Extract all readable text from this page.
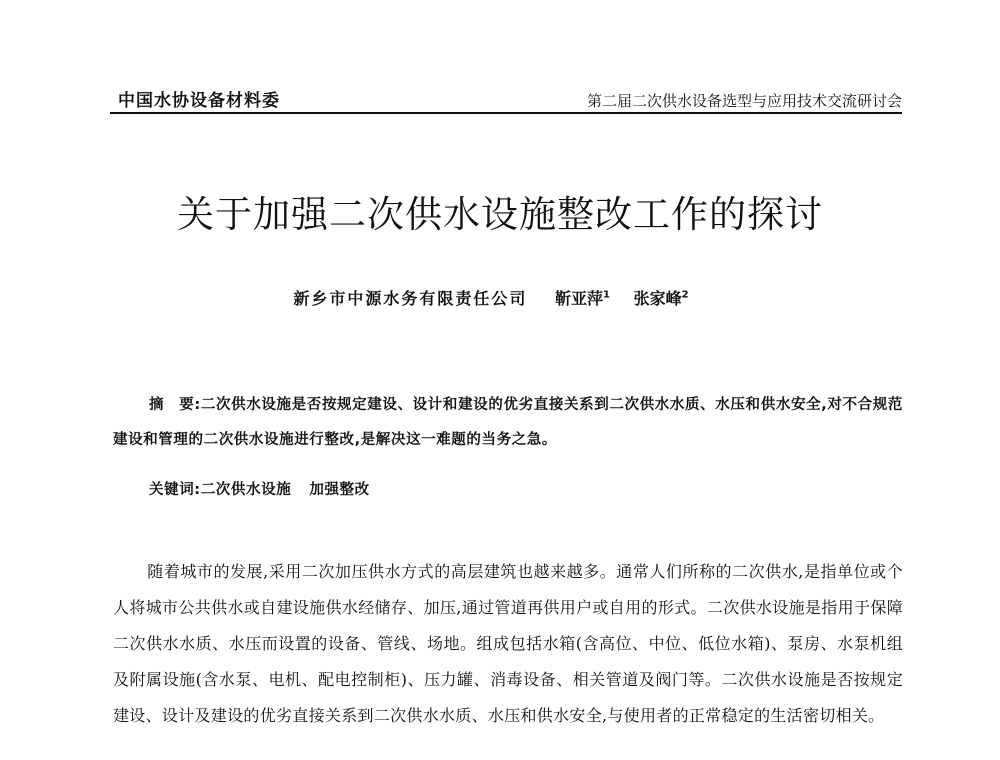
中国水协设备材料委	第二届二次供水设备选型与应用技术交流研讨会
关于加强二次供水设施整改工作的探讨
新乡市中源水务有限责任公司 靳亚萍$^1$ 张家峰$^2$
摘　要:二次供水设施是否按规定建设、设计和建设的优劣直接关系到二次供水水质、水压和供水安全,对不合规范建设和管理的二次供水设施进行整改,是解决这一难题的当务之急。
关键词:二次供水设施 加强整改
随着城市的发展,采用二次加压供水方式的高层建筑也越来越多。通常人们所称的二次供水,是指单位或个人将城市公共供水或自建设施供水经储存、加压,通过管道再供用户或自用的形式。二次供水设施是指用于保障二次供水水质、水压而设置的设备、管线、场地。组成包括水箱(含高位、中位、低位水箱)、泵房、水泵机组及附属设施(含水泵、电机、配电控制柜)、压力罐、消毒设备、相关管道及阀门等。二次供水设施是否按规定建设、设计及建设的优劣直接关系到二次供水水质、水压和供水安全,与使用者的正常稳定的生活密切相关。
